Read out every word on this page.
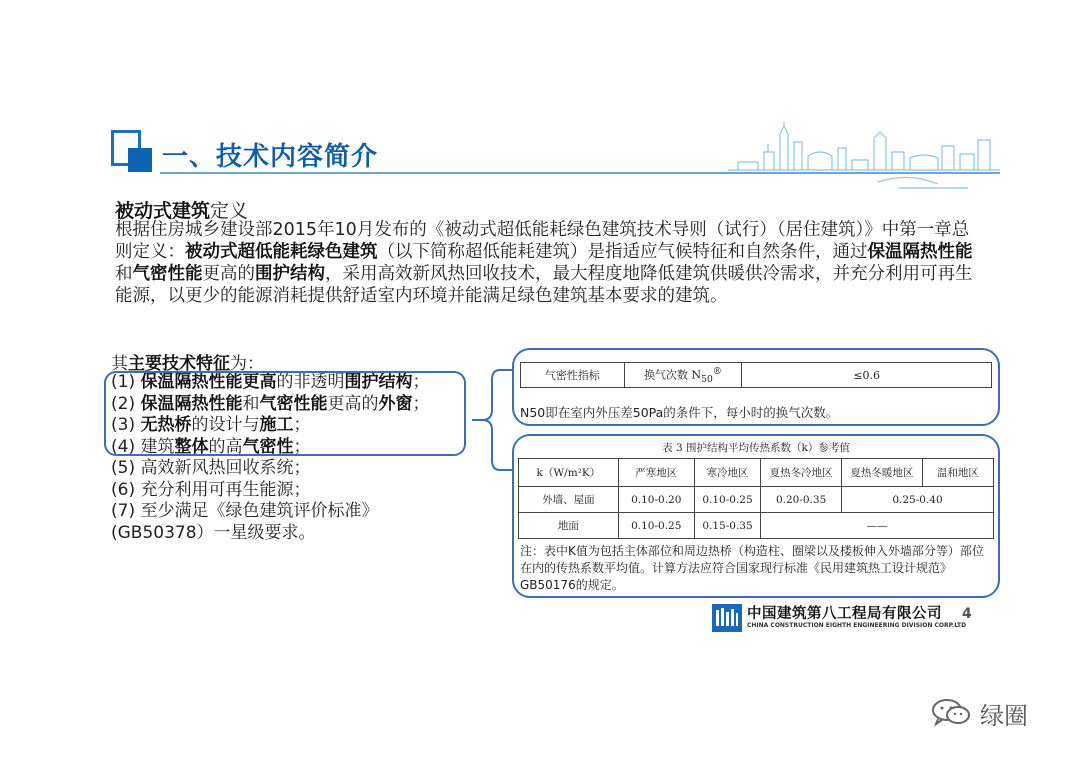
一、技术内容简介
被动式建筑定义
根据住房城乡建设部2015年10月发布的《被动式超低能耗绿色建筑技术导则（试行）（居住建筑）》中第一章总则定义：被动式超低能耗绿色建筑（以下简称超低能耗建筑）是指适应气候特征和自然条件，通过保温隔热性能和气密性能更高的围护结构，采用高效新风热回收技术，最大程度地降低建筑供暖供冷需求，并充分利用可再生能源，以更少的能源消耗提供舒适室内环境并能满足绿色建筑基本要求的建筑。
其主要技术特征为：
(1) 保温隔热性能更高的非透明围护结构；
(2) 保温隔热性能和气密性能更高的外窗；
(3) 无热桥的设计与施工；
(4) 建筑整体的高气密性；
(5) 高效新风热回收系统；
(6) 充分利用可再生能源；
(7) 至少满足《绿色建筑评价标准》
(GB50378）一星级要求。
气密性指标	换气次数 $N_{50}®$	≤0.6
N50即在室内外压差50Pa的条件下，每小时的换气次数。
表 3 围护结构平均传热系数（k）参考值
k（W/m²K）	严寒地区	寒冷地区	夏热冬冷地区	夏热冬暖地区	温和地区
外墙、屋面	0.10-0.20	0.10-0.25	0.20-0.35	0.25-0.40	
地面	0.10-0.25	0.15-0.35	——		
注：表中K值为包括主体部位和周边热桥（构造柱、圈梁以及楼板伸入外墙部分等）部位在内的传热系数平均值。计算方法应符合国家现行标准《民用建筑热工设计规范》GB50176的规定。
中国建筑第八工程局有限公司
CHINA CONSTRUCTION EIGHTH ENGINEERING DIVISION CORP.LTD
4
绿圈
